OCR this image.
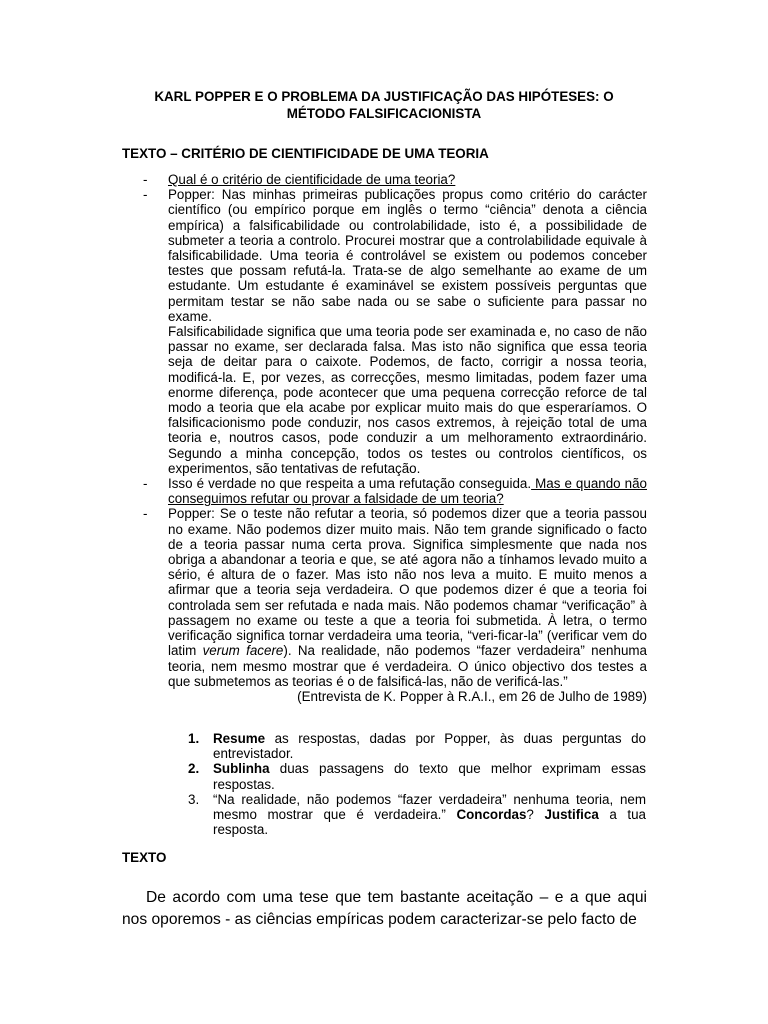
KARL POPPER E O PROBLEMA DA JUSTIFICAÇÃO DAS HIPÓTESES: O
MÉTODO FALSIFICACIONISTA
TEXTO – CRITÉRIO DE CIENTIFICIDADE DE UMA TEORIA
- Qual é o critério de cientificidade de uma teoria?
- Popper: Nas minhas primeiras publicações propus como critério do carácter científico (ou empírico porque em inglês o termo “ciência” denota a ciência empírica) a falsificabilidade ou controlabilidade, isto é, a possibilidade de submeter a teoria a controlo. Procurei mostrar que a controlabilidade equivale à falsificabilidade. Uma teoria é controlável se existem ou podemos conceber testes que possam refutá-la. Trata-se de algo semelhante ao exame de um estudante. Um estudante é examinável se existem possíveis perguntas que permitam testar se não sabe nada ou se sabe o suficiente para passar no exame.
Falsificabilidade significa que uma teoria pode ser examinada e, no caso de não passar no exame, ser declarada falsa. Mas isto não significa que essa teoria seja de deitar para o caixote. Podemos, de facto, corrigir a nossa teoria, modificá-la. E, por vezes, as correcções, mesmo limitadas, podem fazer uma enorme diferença, pode acontecer que uma pequena correcção reforce de tal modo a teoria que ela acabe por explicar muito mais do que esperaríamos. O falsificacionismo pode conduzir, nos casos extremos, à rejeição total de uma teoria e, noutros casos, pode conduzir a um melhoramento extraordinário. Segundo a minha concepção, todos os testes ou controlos científicos, os experimentos, são tentativas de refutação.
- Isso é verdade no que respeita a uma refutação conseguida. Mas e quando não conseguimos refutar ou provar a falsidade de um teoria?
- Popper: Se o teste não refutar a teoria, só podemos dizer que a teoria passou no exame. Não podemos dizer muito mais. Não tem grande significado o facto de a teoria passar numa certa prova. Significa simplesmente que nada nos obriga a abandonar a teoria e que, se até agora não a tínhamos levado muito a sério, é altura de o fazer. Mas isto não nos leva a muito. E muito menos a afirmar que a teoria seja verdadeira. O que podemos dizer é que a teoria foi controlada sem ser refutada e nada mais. Não podemos chamar “verificação” à passagem no exame ou teste a que a teoria foi submetida. À letra, o termo verificação significa tornar verdadeira uma teoria, “veri-ficar-la” (verificar vem do latim verum facere). Na realidade, não podemos “fazer verdadeira” nenhuma teoria, nem mesmo mostrar que é verdadeira. O único objectivo dos testes a que submetemos as teorias é o de falsificá-las, não de verificá-las.”
(Entrevista de K. Popper à R.A.I., em 26 de Julho de 1989)
1. Resume as respostas, dadas por Popper, às duas perguntas do entrevistador.
2. Sublinha duas passagens do texto que melhor exprimam essas respostas.
3. “Na realidade, não podemos “fazer verdadeira” nenhuma teoria, nem mesmo mostrar que é verdadeira.” Concordas? Justifica a tua resposta.
TEXTO
De acordo com uma tese que tem bastante aceitação – e a que aqui nos oporemos - as ciências empíricas podem caracterizar-se pelo facto de
